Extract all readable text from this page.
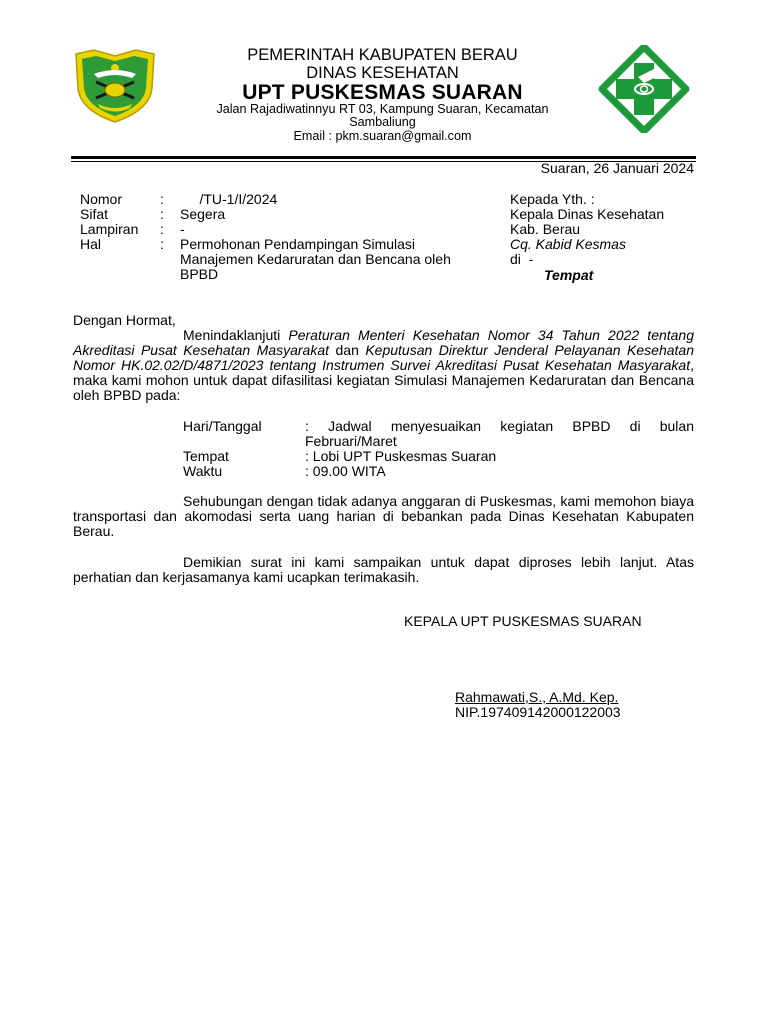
PEMERINTAH KABUPATEN BERAU
DINAS KESEHATAN
UPT PUSKESMAS SUARAN
Jalan Rajadiwatinnyu RT 03, Kampung Suaran, Kecamatan
Sambaliung
Email : pkm.suaran@gmail.com
Suaran, 26 Januari 2024
Nomor	: /TU-1/I/2024
Sifat	: Segera
Lampiran : -
Hal	: Permohonan Pendampingan Simulasi
Manajemen Kedaruratan dan Bencana oleh
BPBD
Kepada Yth. :
Kepala Dinas Kesehatan
Kab. Berau
Cq. Kabid Kesmas
di  -
Tempat
Dengan Hormat,
Menindaklanjuti Peraturan Menteri Kesehatan Nomor 34 Tahun 2022 tentang Akreditasi Pusat Kesehatan Masyarakat dan Keputusan Direktur Jenderal Pelayanan Kesehatan Nomor HK.02.02/D/4871/2023 tentang Instrumen Survei Akreditasi Pusat Kesehatan Masyarakat, maka kami mohon untuk dapat difasilitasi kegiatan Simulasi Manajemen Kedaruratan dan Bencana oleh BPBD pada:
Hari/Tanggal	: Jadwal menyesuaikan kegiatan BPBD di bulan Februari/Maret
Tempat	: Lobi UPT Puskesmas Suaran
Waktu	: 09.00 WITA
Sehubungan dengan tidak adanya anggaran di Puskesmas, kami memohon biaya transportasi dan akomodasi serta uang harian di bebankan pada Dinas Kesehatan Kabupaten Berau.
Demikian surat ini kami sampaikan untuk dapat diproses lebih lanjut. Atas perhatian dan kerjasamanya kami ucapkan terimakasih.
KEPALA UPT PUSKESMAS SUARAN
Rahmawati,S., A.Md. Kep.
NIP.197409142000122003
